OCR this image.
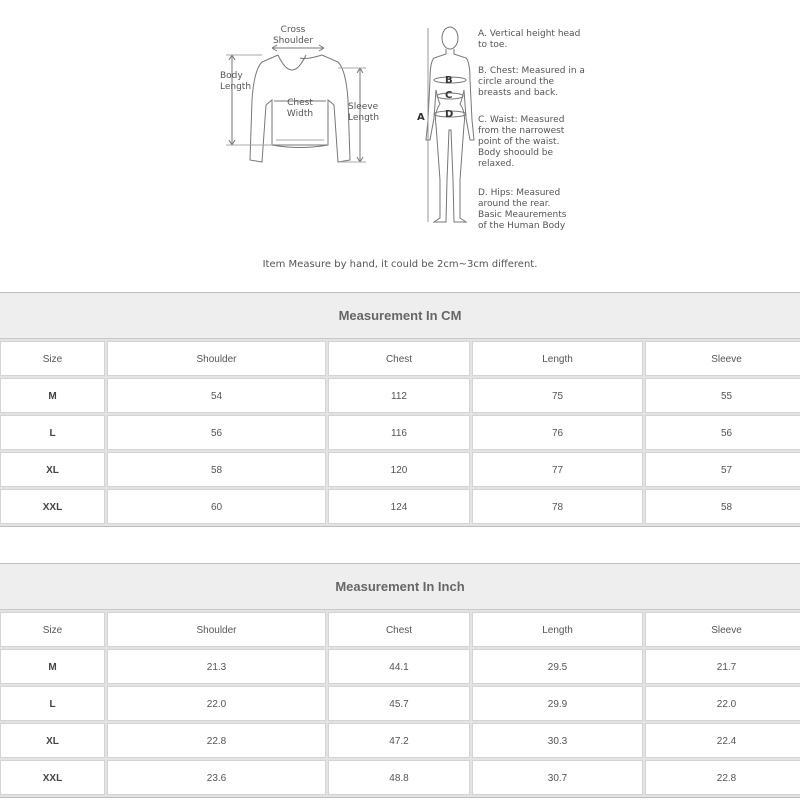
Cross
Shoulder
Body
Length
Chest
Width
Sleeve
Length
B
C
D
A
A. Vertical height head
to toe.
B. Chest: Measured in a
circle around the
breasts and back.
C. Waist: Measured
from the narrowest
point of the waist.
Body shoould be
relaxed.
D. Hips: Measured
around the rear.
Basic Meaurements
of the Human Body
Item Measure by hand, it could be 2cm~3cm different.
Measurement In CM
Size	Shoulder	Chest	Length	Sleeve
M	54	112	75	55
L	56	116	76	56
XL	58	120	77	57
XXL	60	124	78	58
Measurement In Inch
Size	Shoulder	Chest	Length	Sleeve
M	21.3	44.1	29.5	21.7
L	22.0	45.7	29.9	22.0
XL	22.8	47.2	30.3	22.4
XXL	23.6	48.8	30.7	22.8
